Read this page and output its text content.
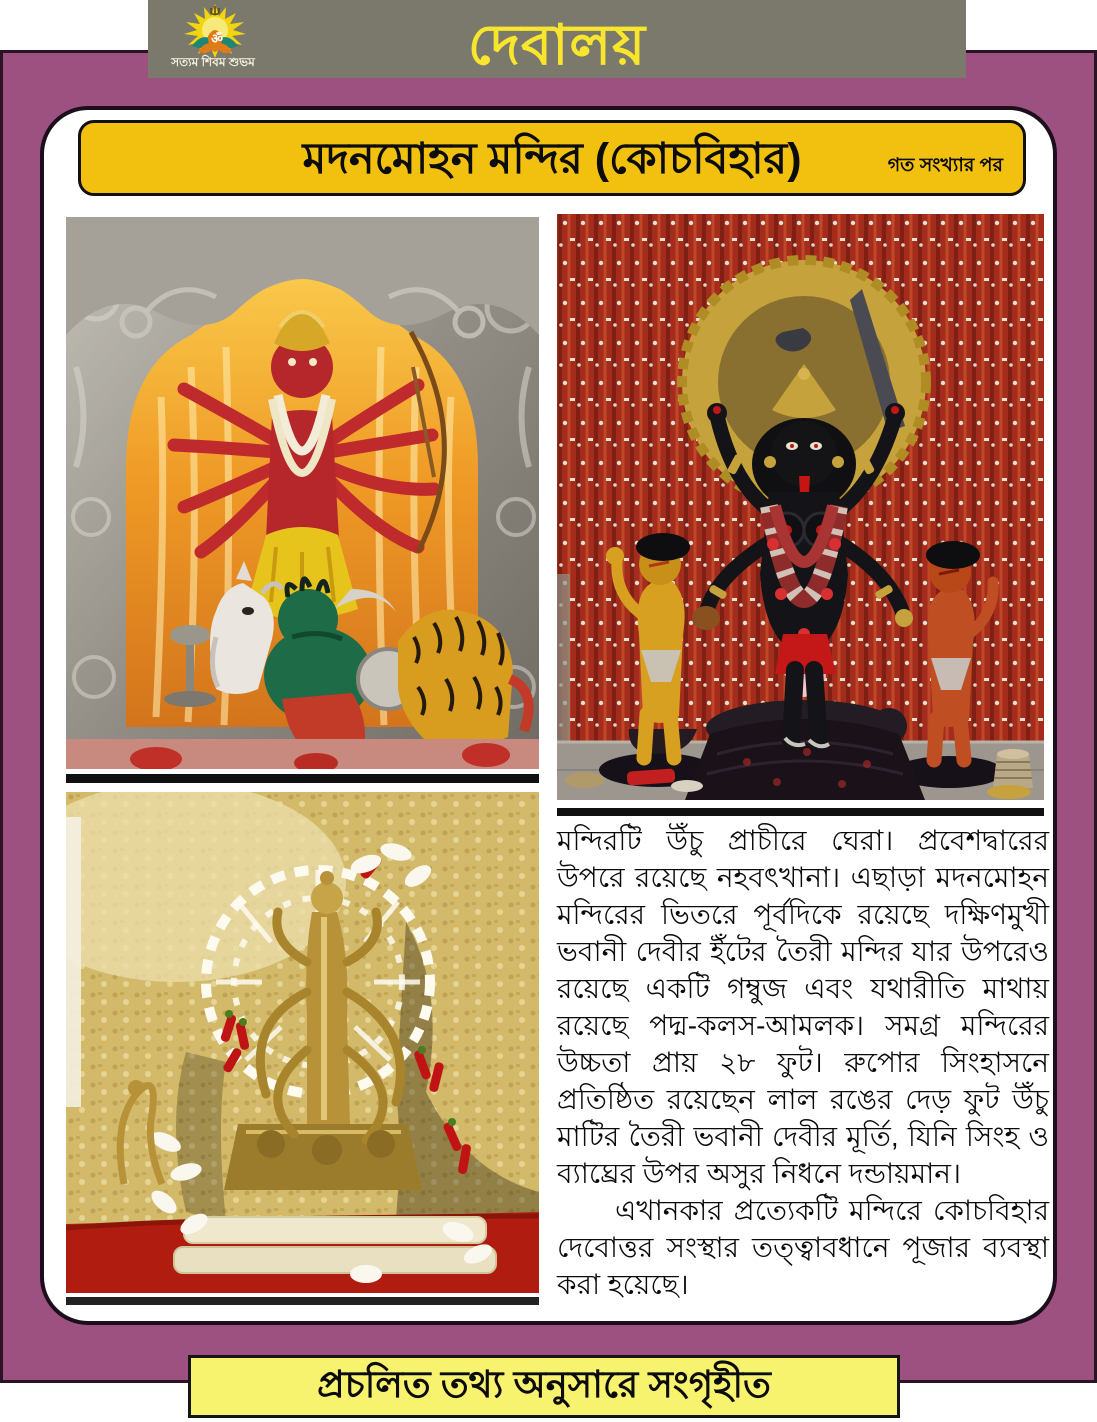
ॐ
সত্যম শিবম শুভম	দেবালয়
মদনমোহন মন্দির (কোচবিহার)	গত সংখ্যার পর

মন্দিরটি উঁচু প্রাচীরে ঘেরা। প্রবেশদ্বারের উপরে রয়েছে নহবৎখানা। এছাড়া মদনমোহন মন্দিরের ভিতরে পূর্বদিকে রয়েছে দক্ষিণমুখী ভবানী দেবীর ইঁটের তৈরী মন্দির যার উপরেও রয়েছে একটি গম্বুজ এবং যথারীতি মাথায় রয়েছে পদ্ম-কলস-আমলক। সমগ্র মন্দিরের উচ্চতা প্রায় ২৮ ফুট। রুপোর সিংহাসনে প্রতিষ্ঠিত রয়েছেন লাল রঙের দেড় ফুট উঁচু মাটির তৈরী ভবানী দেবীর মূর্তি, যিনি সিংহ ও ব্যাঘ্রের উপর অসুর নিধনে দন্ডায়মান।

এখানকার প্রত্যেকটি মন্দিরে কোচবিহার দেবোত্তর সংস্থার তত্ত্বাবধানে পূজার ব্যবস্থা করা হয়েছে।

প্রচলিত তথ্য অনুসারে সংগৃহীত
